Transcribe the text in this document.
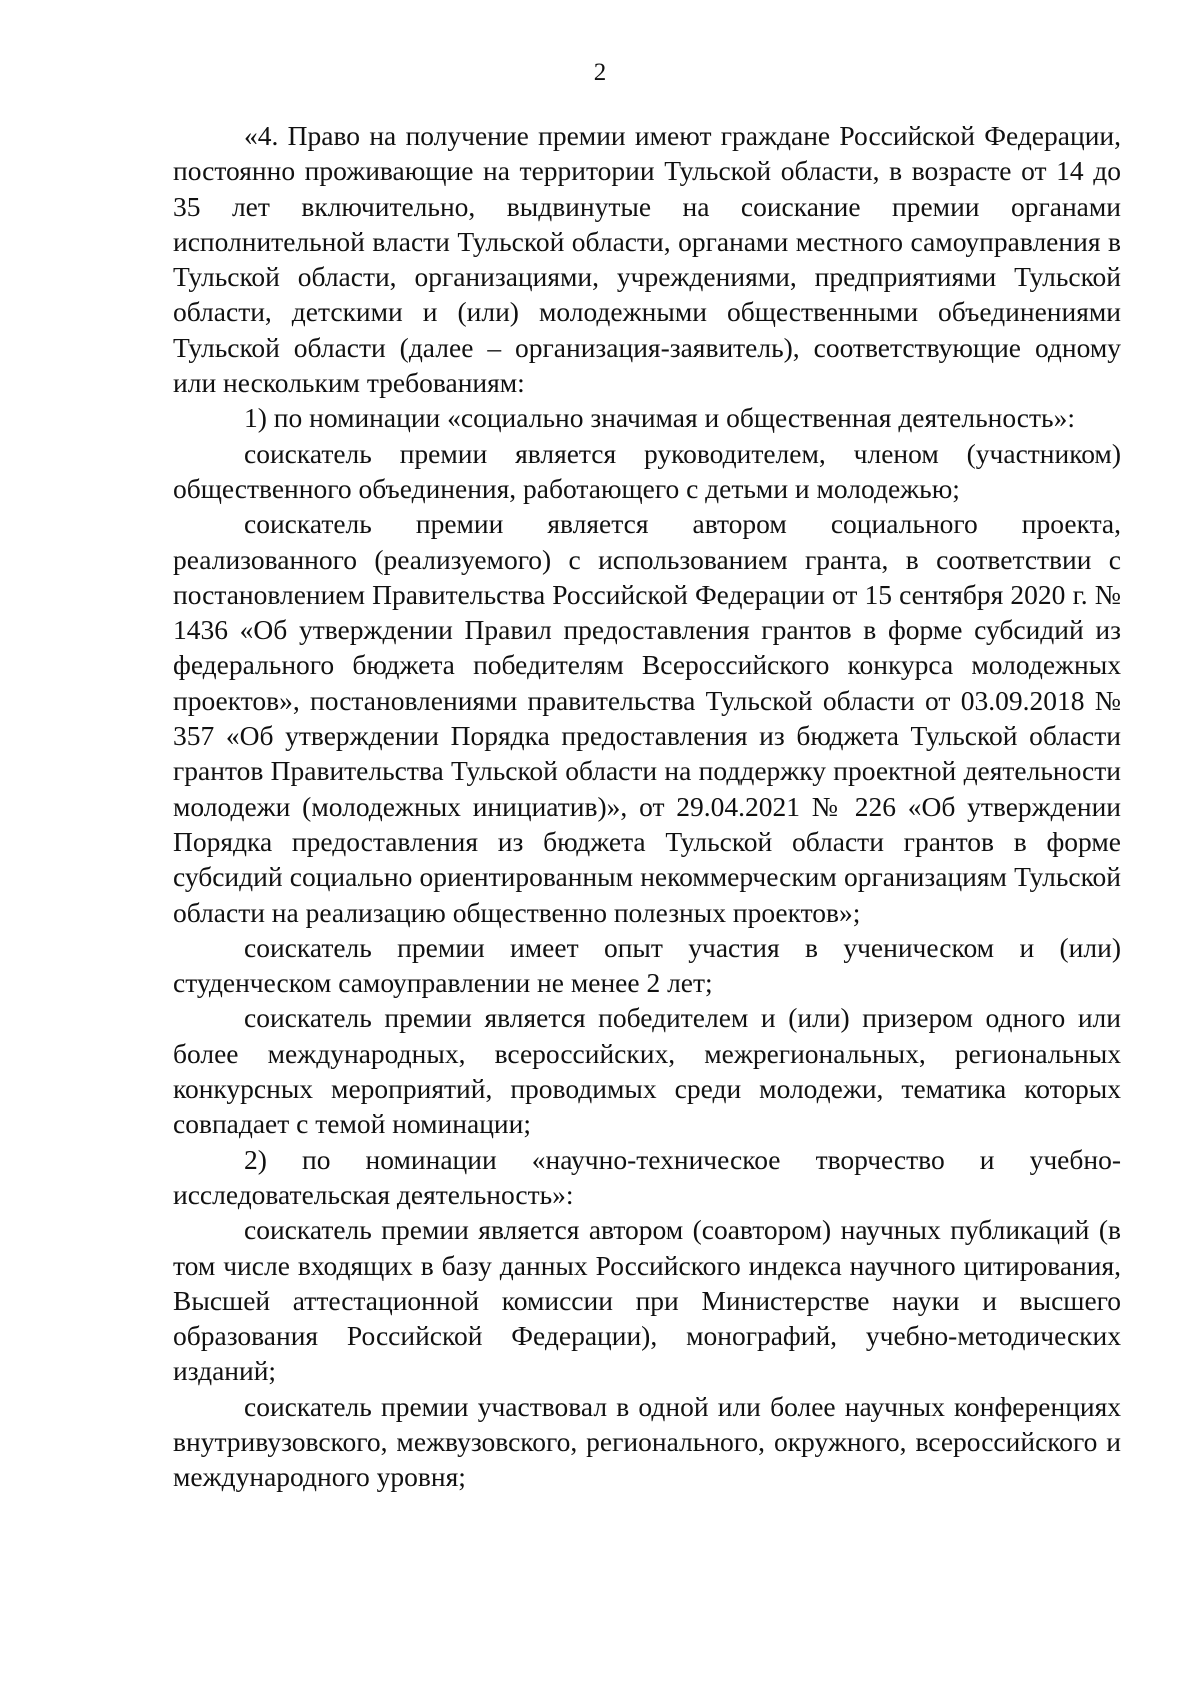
2

«4. Право на получение премии имеют граждане Российской Федерации, постоянно проживающие на территории Тульской области, в возрасте от 14 до 35 лет включительно, выдвинутые на соискание премии органами исполнительной власти Тульской области, органами местного самоуправления в Тульской области, организациями, учреждениями, предприятиями Тульской области, детскими и (или) молодежными общественными объединениями Тульской области (далее – организация-заявитель), соответствующие одному или нескольким требованиям:

1) по номинации «социально значимая и общественная деятельность»:

соискатель премии является руководителем, членом (участником) общественного объединения, работающего с детьми и молодежью;

соискатель премии является автором социального проекта, реализованного (реализуемого) с использованием гранта, в соответствии с постановлением Правительства Российской Федерации от 15 сентября 2020 г. № 1436 «Об утверждении Правил предоставления грантов в форме субсидий из федерального бюджета победителям Всероссийского конкурса молодежных проектов», постановлениями правительства Тульской области от 03.09.2018 № 357 «Об утверждении Порядка предоставления из бюджета Тульской области грантов Правительства Тульской области на поддержку проектной деятельности молодежи (молодежных инициатив)», от 29.04.2021 № 226 «Об утверждении Порядка предоставления из бюджета Тульской области грантов в форме субсидий социально ориентированным некоммерческим организациям Тульской области на реализацию общественно полезных проектов»;

соискатель премии имеет опыт участия в ученическом и (или) студенческом самоуправлении не менее 2 лет;

соискатель премии является победителем и (или) призером одного или более международных, всероссийских, межрегиональных, региональных конкурсных мероприятий, проводимых среди молодежи, тематика которых совпадает с темой номинации;

2) по номинации «научно-техническое творчество и учебно-исследовательская деятельность»:

соискатель премии является автором (соавтором) научных публикаций (в том числе входящих в базу данных Российского индекса научного цитирования, Высшей аттестационной комиссии при Министерстве науки и высшего образования Российской Федерации), монографий, учебно-методических изданий;

соискатель премии участвовал в одной или более научных конференциях внутривузовского, межвузовского, регионального, окружного, всероссийского и международного уровня;
